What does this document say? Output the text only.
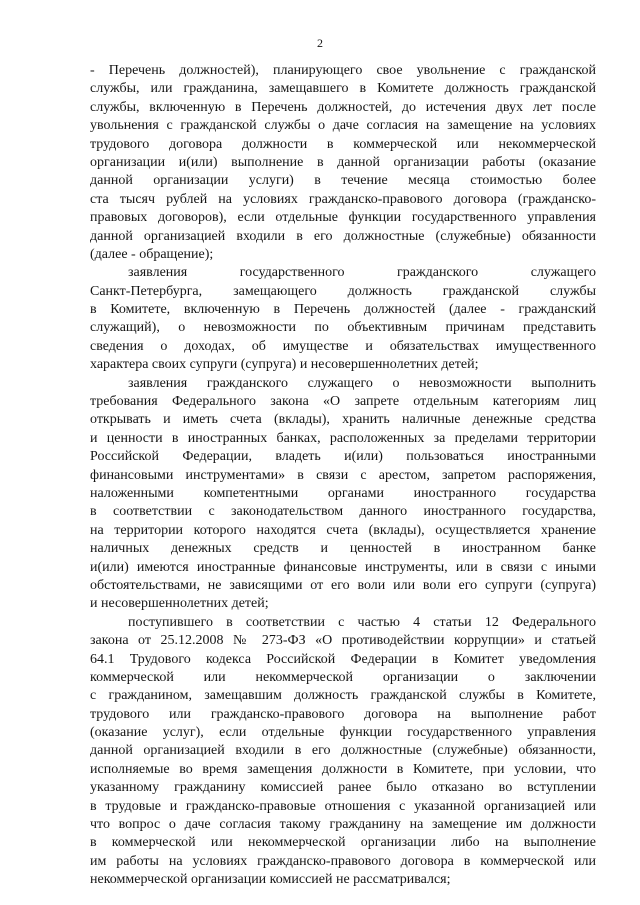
2
- Перечень должностей), планирующего свое увольнение с гражданской
службы, или гражданина, замещавшего в Комитете должность гражданской
службы, включенную в Перечень должностей, до истечения двух лет после
увольнения с гражданской службы о даче согласия на замещение на условиях
трудового договора должности в коммерческой или некоммерческой
организации и(или) выполнение в данной организации работы (оказание
данной организации услуги) в течение месяца стоимостью более
ста тысяч рублей на условиях гражданско-правового договора (гражданско-
правовых договоров), если отдельные функции государственного управления
данной организацией входили в его должностные (служебные) обязанности
(далее - обращение);
заявления государственного гражданского служащего
Санкт-Петербурга, замещающего должность гражданской службы
в Комитете, включенную в Перечень должностей (далее - гражданский
служащий), о невозможности по объективным причинам представить
сведения о доходах, об имуществе и обязательствах имущественного
характера своих супруги (супруга) и несовершеннолетних детей;
заявления гражданского служащего о невозможности выполнить
требования Федерального закона «О запрете отдельным категориям лиц
открывать и иметь счета (вклады), хранить наличные денежные средства
и ценности в иностранных банках, расположенных за пределами территории
Российской Федерации, владеть и(или) пользоваться иностранными
финансовыми инструментами» в связи с арестом, запретом распоряжения,
наложенными компетентными органами иностранного государства
в соответствии с законодательством данного иностранного государства,
на территории которого находятся счета (вклады), осуществляется хранение
наличных денежных средств и ценностей в иностранном банке
и(или) имеются иностранные финансовые инструменты, или в связи с иными
обстоятельствами, не зависящими от его воли или воли его супруги (супруга)
и несовершеннолетних детей;
поступившего в соответствии с частью 4 статьи 12 Федерального
закона от 25.12.2008 № 273-ФЗ «О противодействии коррупции» и статьей
64.1 Трудового кодекса Российской Федерации в Комитет уведомления
коммерческой или некоммерческой организации о заключении
с гражданином, замещавшим должность гражданской службы в Комитете,
трудового или гражданско-правового договора на выполнение работ
(оказание услуг), если отдельные функции государственного управления
данной организацией входили в его должностные (служебные) обязанности,
исполняемые во время замещения должности в Комитете, при условии, что
указанному гражданину комиссией ранее было отказано во вступлении
в трудовые и гражданско-правовые отношения с указанной организацией или
что вопрос о даче согласия такому гражданину на замещение им должности
в коммерческой или некоммерческой организации либо на выполнение
им работы на условиях гражданско-правового договора в коммерческой или
некоммерческой организации комиссией не рассматривался;
